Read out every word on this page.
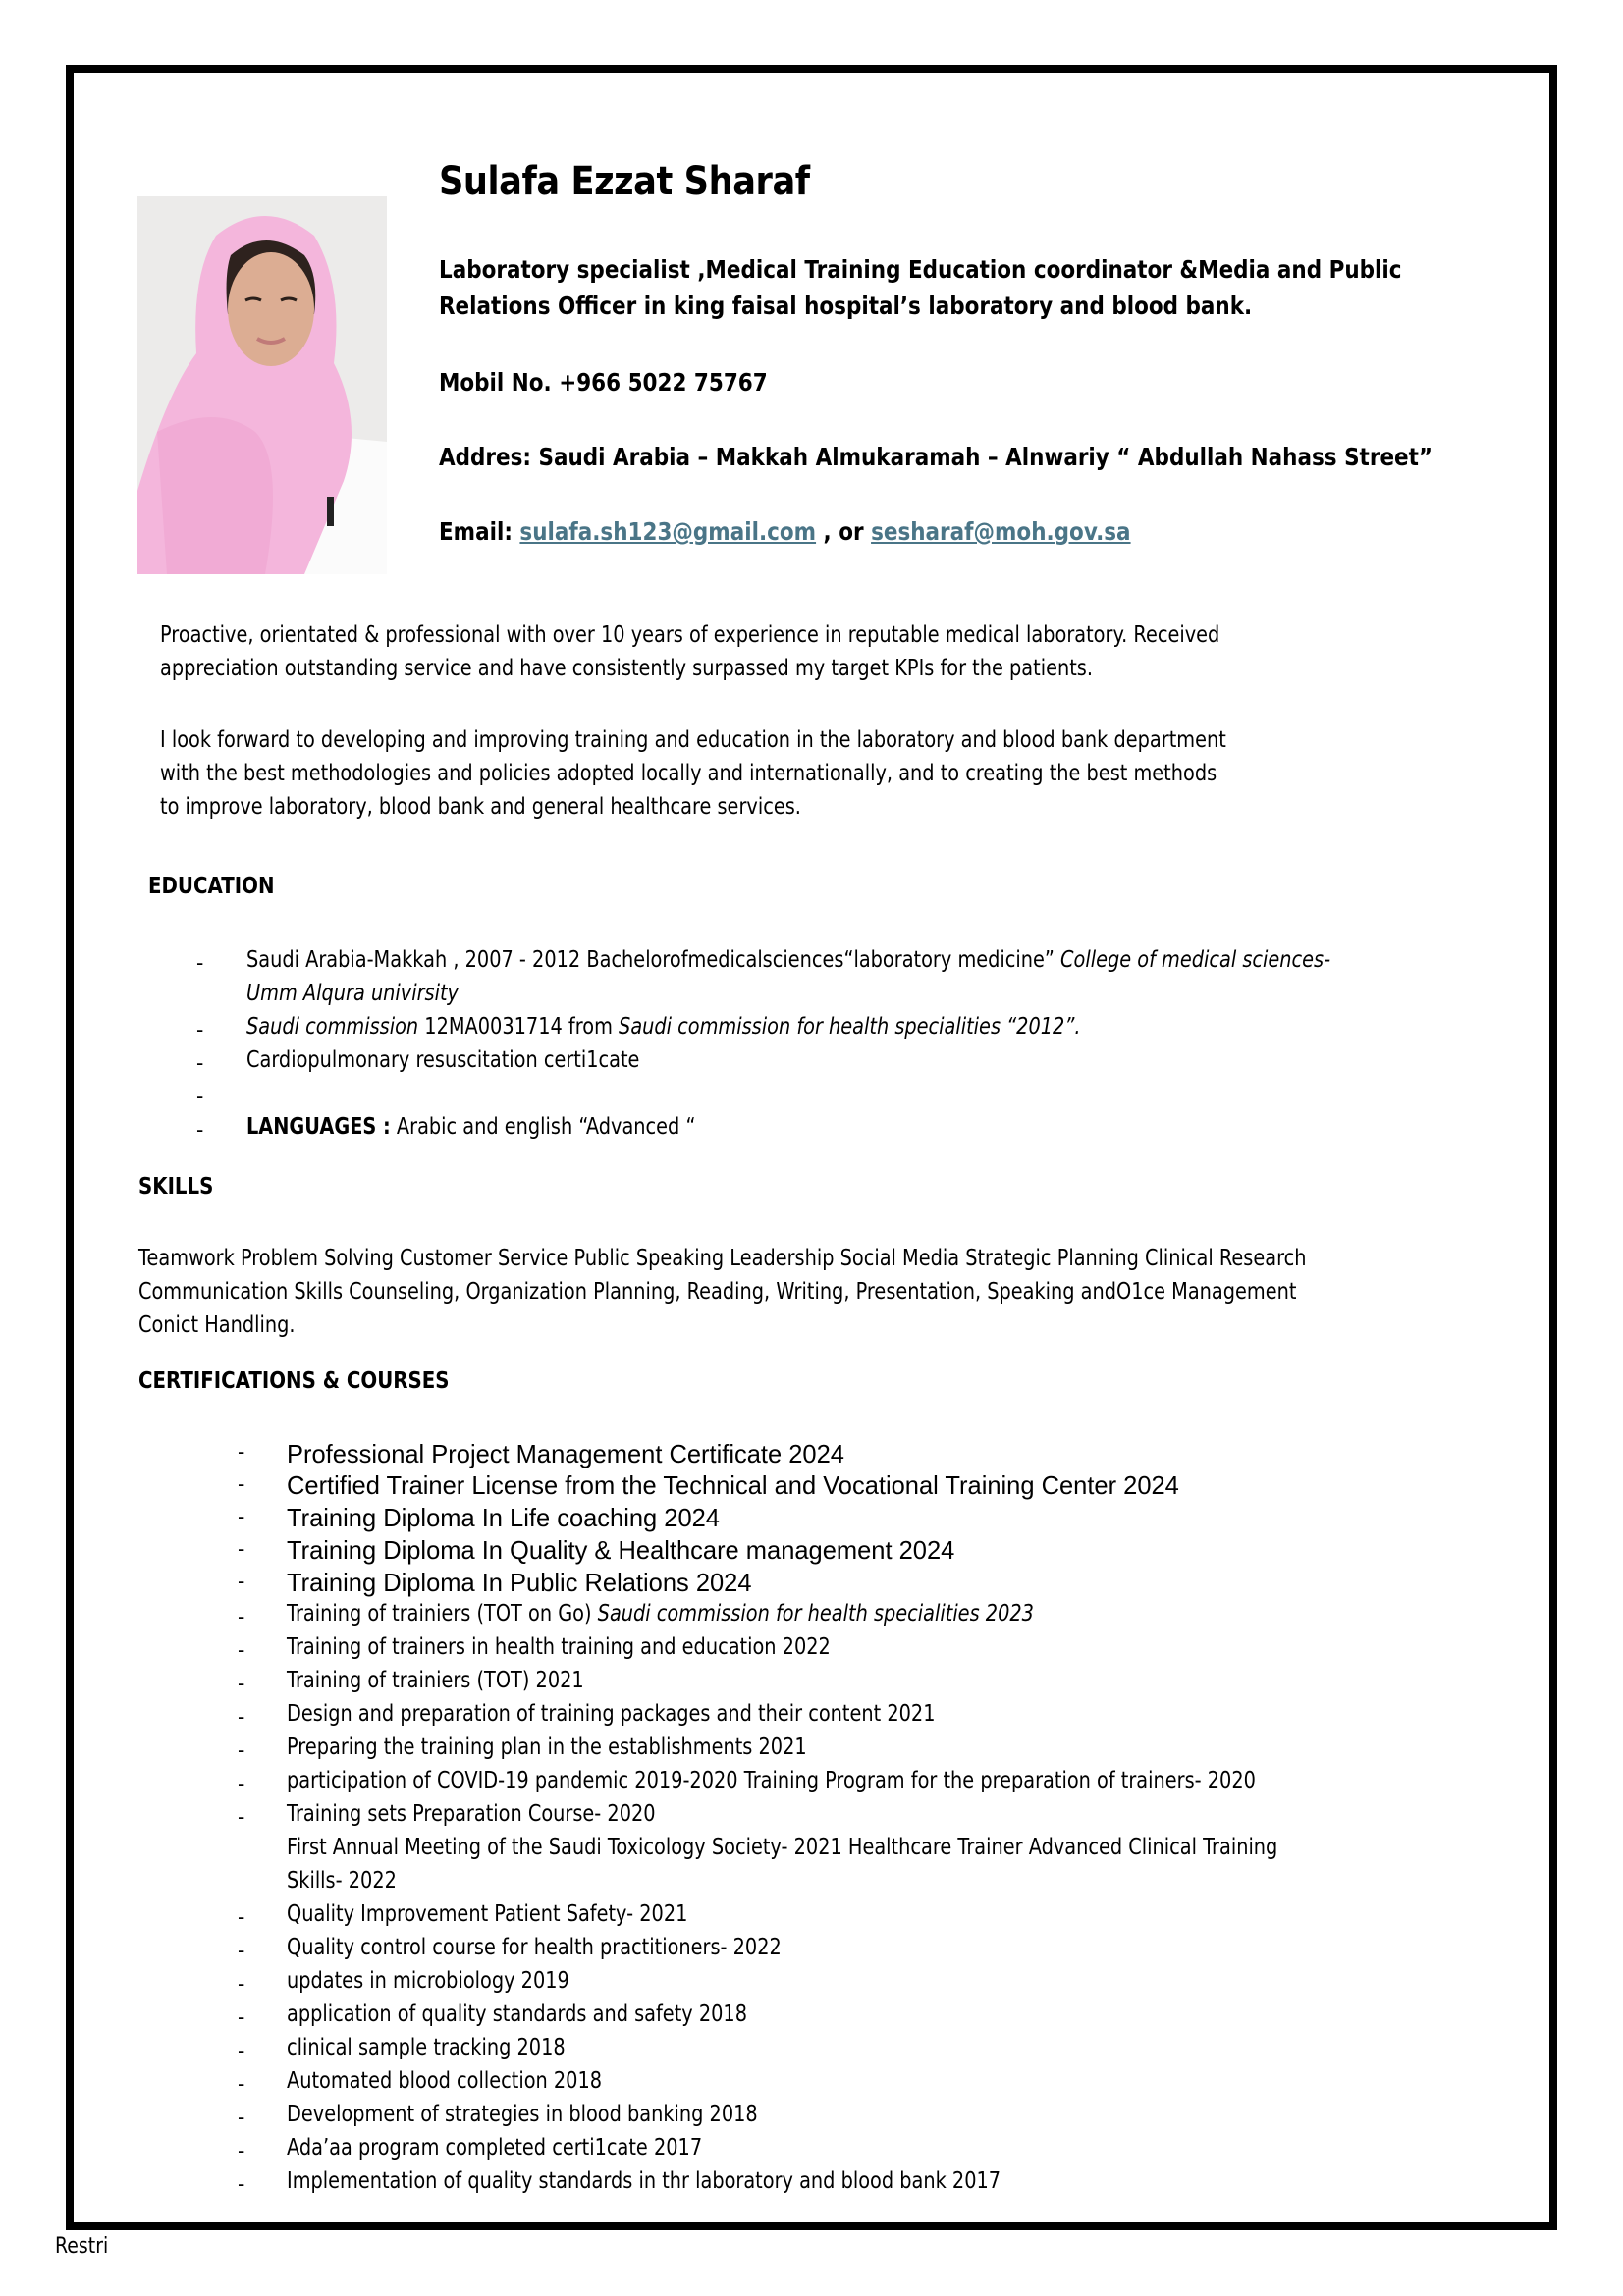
Sulafa Ezzat Sharaf
Laboratory specialist ,Medical Training Education coordinator &Media and Public
Relations Officer in king faisal hospital’s laboratory and blood bank.
Mobil No. +966 5022 75767
Addres: Saudi Arabia – Makkah Almukaramah – Alnwariy “ Abdullah Nahass Street”
Email: sulafa.sh123@gmail.com , or sesharaf@moh.gov.sa
Proactive, orientated & professional with over 10 years of experience in reputable medical laboratory. Received
appreciation outstanding service and have consistently surpassed my target KPIs for the patients.
I look forward to developing and improving training and education in the laboratory and blood bank department
with the best methodologies and policies adopted locally and internationally, and to creating the best methods
to improve laboratory, blood bank and general healthcare services.
EDUCATION
- Saudi Arabia-Makkah , 2007 - 2012 Bachelorofmedicalsciences“laboratory medicine” College of medical sciences-
Umm Alqura univirsity
- Saudi commission 12MA0031714 from Saudi commission for health specialities “2012”.
- Cardiopulmonary resuscitation certi1cate
-
- LANGUAGES : Arabic and english “Advanced “
SKILLS
Teamwork Problem Solving Customer Service Public Speaking Leadership Social Media Strategic Planning Clinical Research
Communication Skills Counseling, Organization Planning, Reading, Writing, Presentation, Speaking andO1ce Management
Conict Handling.
CERTIFICATIONS & COURSES
- Professional Project Management Certificate 2024
- Certified Trainer License from the Technical and Vocational Training Center 2024
- Training Diploma In Life coaching 2024
- Training Diploma In Quality & Healthcare management 2024
- Training Diploma In Public Relations 2024
- Training of trainiers (TOT on Go) Saudi commission for health specialities 2023
- Training of trainers in health training and education 2022
- Training of trainiers (TOT) 2021
- Design and preparation of training packages and their content 2021
- Preparing the training plan in the establishments 2021
- participation of COVID-19 pandemic 2019-2020 Training Program for the preparation of trainers- 2020
- Training sets Preparation Course- 2020
First Annual Meeting of the Saudi Toxicology Society- 2021 Healthcare Trainer Advanced Clinical Training
Skills- 2022
- Quality Improvement Patient Safety- 2021
- Quality control course for health practitioners- 2022
- updates in microbiology 2019
- application of quality standards and safety 2018
- clinical sample tracking 2018
- Automated blood collection 2018
- Development of strategies in blood banking 2018
- Ada’aa program completed certi1cate 2017
- Implementation of quality standards in thr laboratory and blood bank 2017
Restri
